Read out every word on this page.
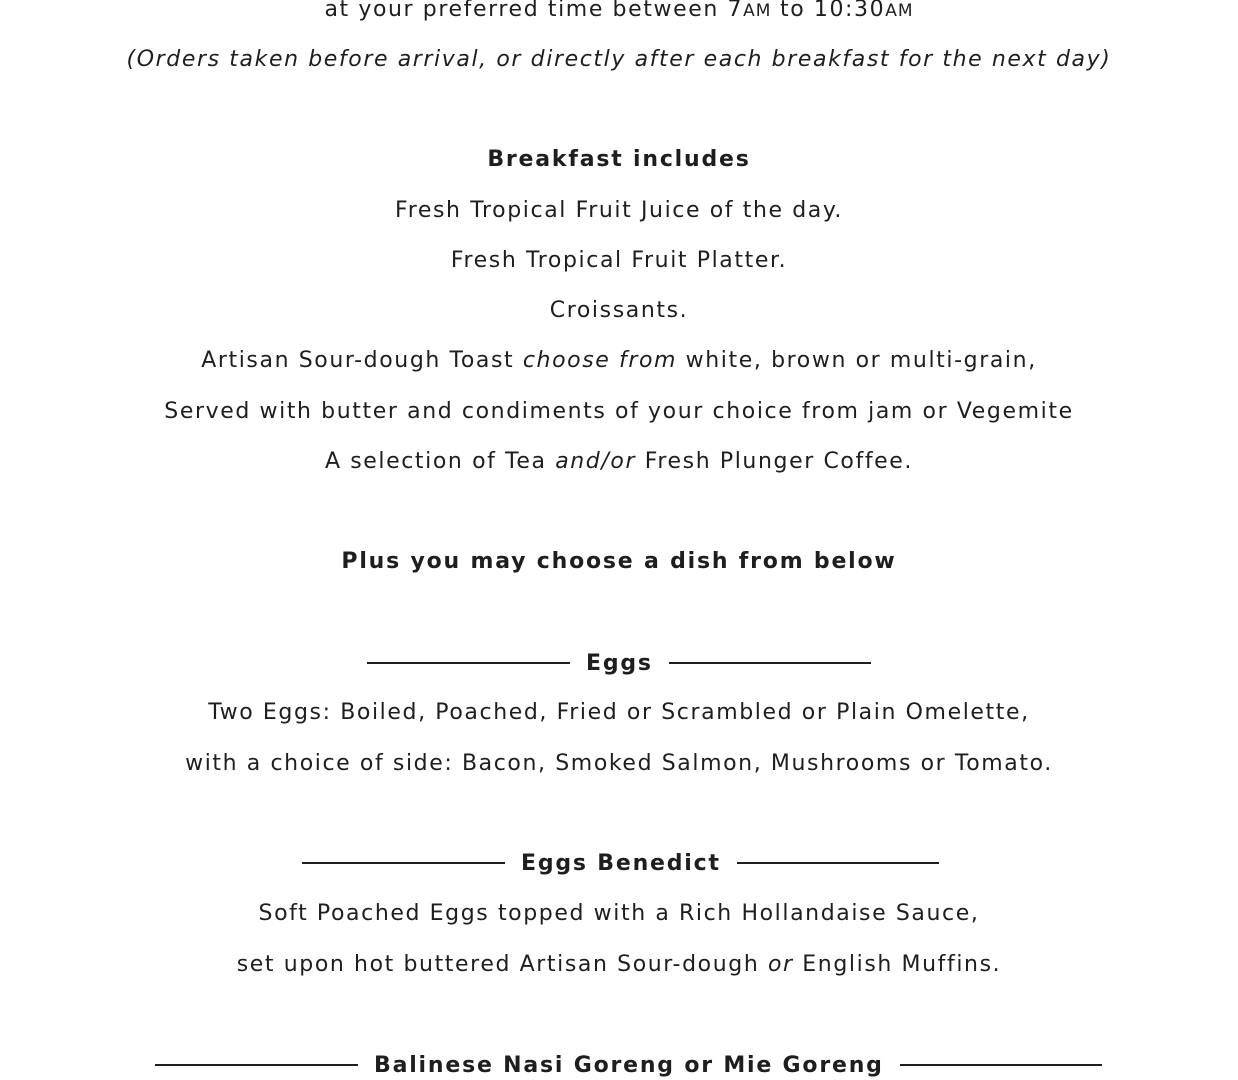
at your preferred time between 7AM to 10:30AM
(Orders taken before arrival, or directly after each breakfast for the next day)
Breakfast includes
Fresh Tropical Fruit Juice of the day.
Fresh Tropical Fruit Platter.
Croissants.
Artisan Sour-dough Toast choose from white, brown or multi-grain,
Served with butter and condiments of your choice from jam or Vegemite
A selection of Tea and/or Fresh Plunger Coffee.
Plus you may choose a dish from below
Eggs
Two Eggs: Boiled, Poached, Fried or Scrambled or Plain Omelette,
with a choice of side: Bacon, Smoked Salmon, Mushrooms or Tomato.
Eggs Benedict
Soft Poached Eggs topped with a Rich Hollandaise Sauce,
set upon hot buttered Artisan Sour-dough or English Muffins.
Balinese Nasi Goreng or Mie Goreng
